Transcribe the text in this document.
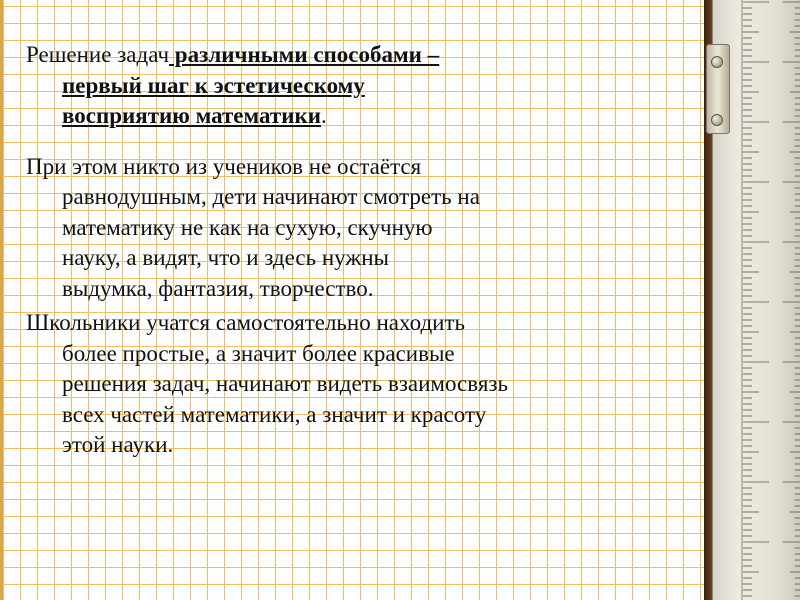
Решение задач различными способами –
первый шаг к эстетическому
восприятию математики.
При этом никто из учеников не остаётся
равнодушным, дети начинают смотреть на
математику не как на сухую, скучную
науку, а видят, что и здесь нужны
выдумка, фантазия, творчество.
Школьники учатся самостоятельно находить
более простые, а значит более красивые
решения задач, начинают видеть взаимосвязь
всех частей математики, а значит и красоту
этой науки.
